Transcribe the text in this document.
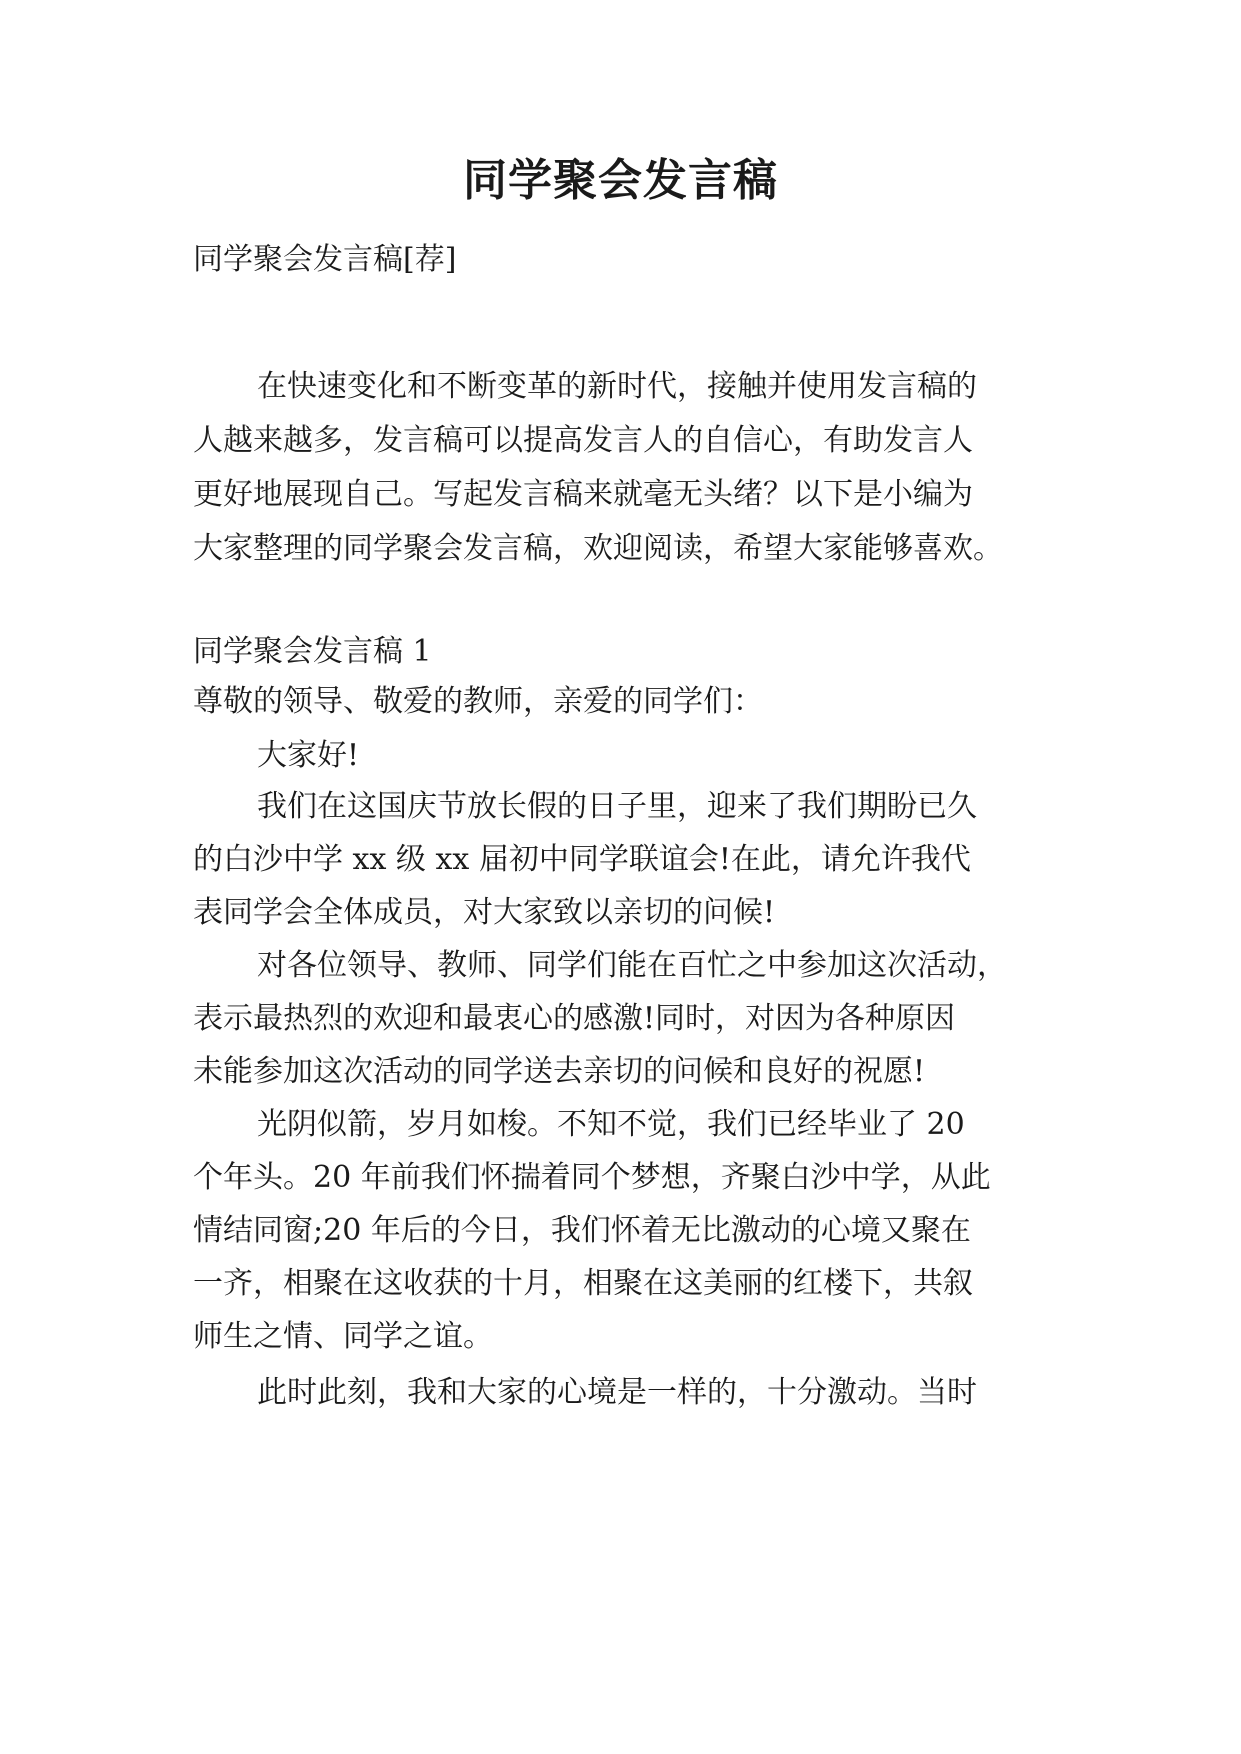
同学聚会发言稿
同学聚会发言稿[荐]
在快速变化和不断变革的新时代，接触并使用发言稿的
人越来越多，发言稿可以提高发言人的自信心，有助发言人
更好地展现自己。写起发言稿来就毫无头绪？以下是小编为
大家整理的同学聚会发言稿，欢迎阅读，希望大家能够喜欢。
同学聚会发言稿 1
尊敬的领导、敬爱的教师，亲爱的同学们：
大家好!
我们在这国庆节放长假的日子里，迎来了我们期盼已久
的白沙中学 xx 级 xx 届初中同学联谊会!在此，请允许我代
表同学会全体成员，对大家致以亲切的问候!
对各位领导、教师、同学们能在百忙之中参加这次活动，
表示最热烈的欢迎和最衷心的感激!同时，对因为各种原因
未能参加这次活动的同学送去亲切的问候和良好的祝愿!
光阴似箭，岁月如梭。不知不觉，我们已经毕业了 20
个年头。20 年前我们怀揣着同个梦想，齐聚白沙中学，从此
情结同窗;20 年后的今日，我们怀着无比激动的心境又聚在
一齐，相聚在这收获的十月，相聚在这美丽的红楼下，共叙
师生之情、同学之谊。
此时此刻，我和大家的心境是一样的，十分激动。当时
